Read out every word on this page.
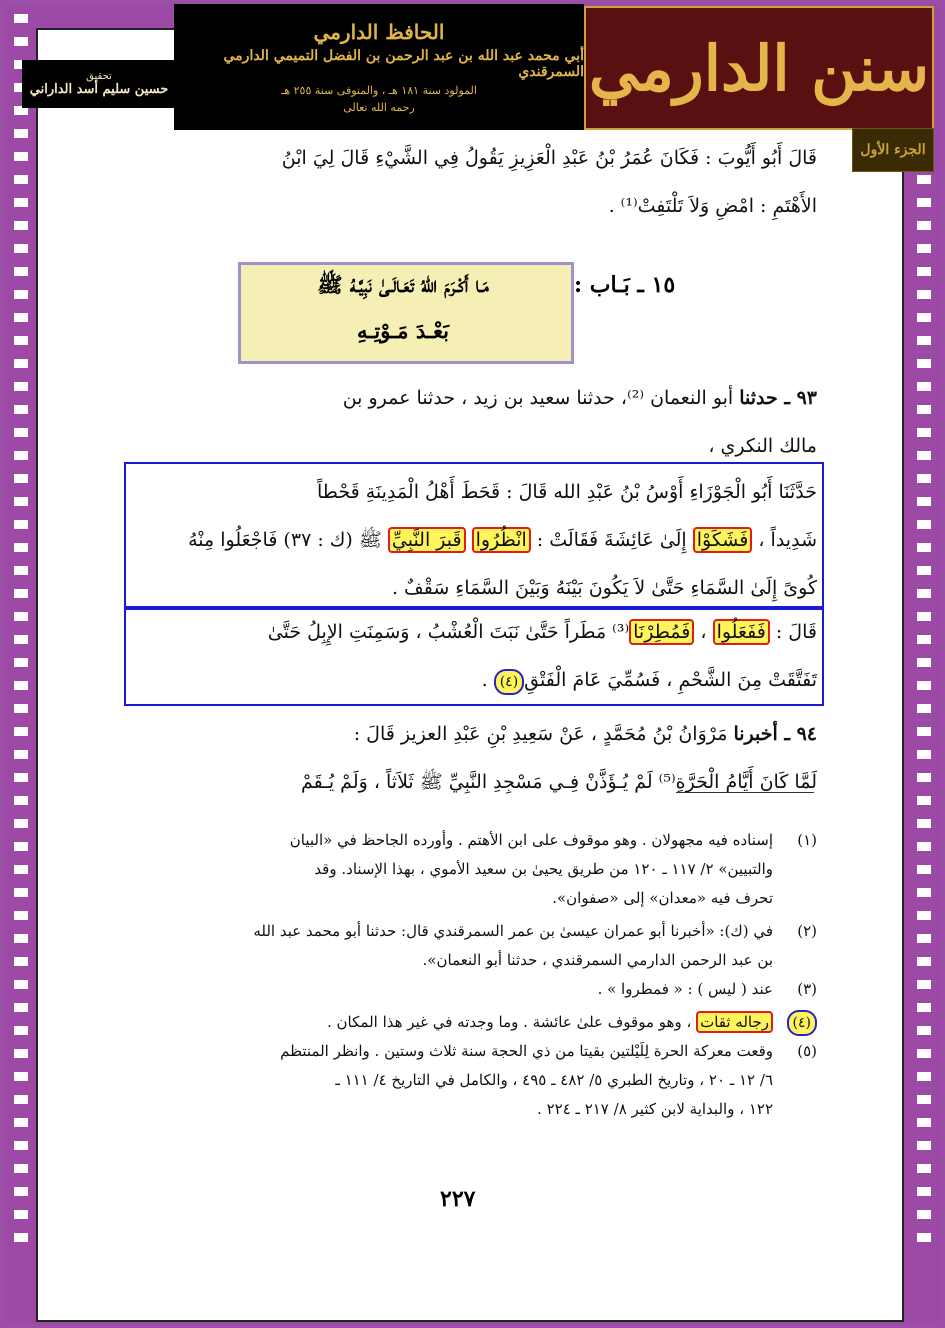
سنن الدارمي
الحافظ الدارمي
أبي محمد عبد الله بن عبد الرحمن بن الفضل التميمي الدارمي السمرقندي
المولود سنة ١٨١ هـ ، والمتوفى سنة ٢٥٥ هـ
رحمه الله تعالى
تحقيق
حسين سليم أسد الداراني
الجزء الأول
قَالَ أَبُو أَيُّوبَ : فَكَانَ عُمَرُ بْنُ عَبْدِ الْعَزِيزِ يَقُولُ فِي الشَّيْءِ قَالَ لِيَ ابْنُ
الأَهْتَمِ : امْضِ وَلاَ تَلْتَفِتْ⁽¹⁾ .
مَـا أَكْـرَمَ اللهُ تَعَـالَـىٰ نَبِيَّـهُ ﷺ
بَعْـدَ مَـوْتِـهِ
١٥ ـ بَـاب :
٩٣ ـ حدثنا أبو النعمان ⁽²⁾، حدثنا سعيد بن زيد ، حدثنا عمرو بن
مالك النكري ،
حَدَّثَنَا أَبُو الْجَوْزَاءِ أَوْسُ بْنُ عَبْدِ الله قَالَ : قَحَطَ أَهْلُ الْمَدِينَةِ قَحْطاً
شَدِيداً ، فَشَكَوْا إِلَىٰ عَائِشَةَ فَقَالَتْ : انْظُرُوا قَبرَ النَّبِيِّ ﷺ (ك : ٣٧) فَاجْعَلُوا مِنْهُ
كُوىً إِلَىٰ السَّمَاءِ حَتَّىٰ لاَ يَكُونَ بَيْنَهُ وَبَيْنَ السَّمَاءِ سَقْفٌ .
قَالَ : فَفَعَلُوا ، فَمُطِرْنَا⁽³⁾ مَطَراً حَتَّىٰ نَبَتَ الْعُشْبُ ، وَسَمِنَتِ الإِبِلُ حَتَّىٰ
تَفَتَّقَتْ مِنَ الشَّحْمِ ، فَسُمِّيَ عَامَ الْفَتْقِ(٤) .
٩٤ ـ أخبرنا مَرْوَانُ بْنُ مُحَمَّدٍ ، عَنْ سَعِيدِ بْنِ عَبْدِ العزيز قَالَ :
لَمَّا كَانَ أَيَّامُ الْحَرَّةِ⁽⁵⁾ لَمْ يُـؤَذَّنْ فِـي مَسْجِدِ النَّبِيِّ ﷺ ثَلاَثاً ، وَلَمْ يُـقَمْ
(١)إسناده فيه مجهولان . وهو موقوف على ابن الأهتم . وأورده الجاحظ في «البيان
والتبيين» ٢/ ١١٧ ـ ١٢٠ من طريق يحيىٰ بن سعيد الأموي ، بهذا الإسناد. وقد
تحرف فيه «معدان» إلى «صفوان».
(٢)في (ك): «أخبرنا أبو عمران عيسىٰ بن عمر السمرقندي قال: حدثنا أبو محمد عبد الله
بن عبد الرحمن الدارمي السمرقندي ، حدثنا أبو النعمان».
(٣)عند ( ليس ) : « فمطروا » .
(٤)رجاله ثقات ، وهو موقوف علىٰ عائشة . وما وجدته في غير هذا المكان .
(٥)وقعت معركة الحرة لِلَيْلتين بقيتا من ذي الحجة سنة ثلاث وستين . وانظر المنتظم
٦/ ١٢ ـ ٢٠ ، وتاريخ الطبري ٥/ ٤٨٢ ـ ٤٩٥ ، والكامل في التاريخ ٤/ ١١١ ـ
١٢٢ ، والبداية لابن كثير ٨/ ٢١٧ ـ ٢٢٤ .
٢٢٧
